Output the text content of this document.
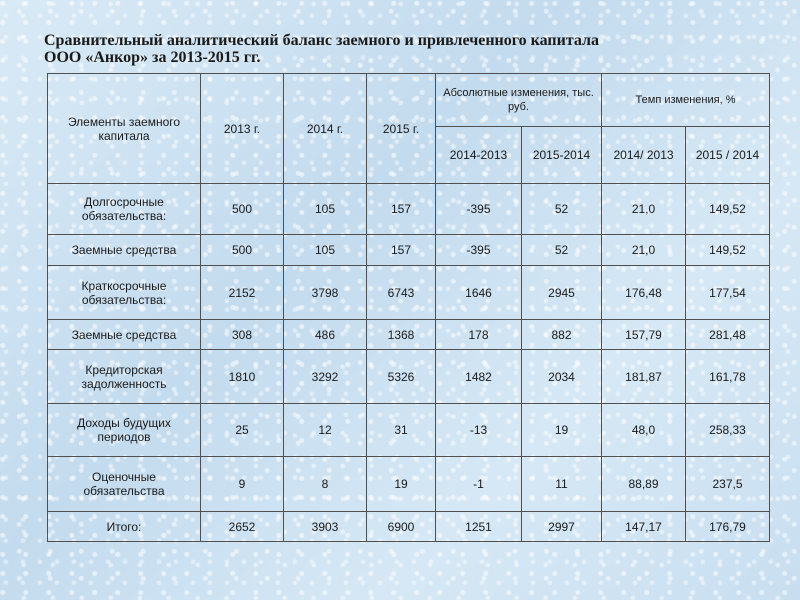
Сравнительный аналитический баланс заемного и привлеченного капитала
ООО «Анкор» за 2013-2015 гг.
Элементы заемного капитала	2013 г.	2014 г.	2015 г.	Абсолютные изменения, тыс. руб.		Темп изменения, %	
				2014-2013	2015-2014	2014/ 2013	2015 / 2014
Долгосрочные обязательства:	500	105	157	-395	52	21,0	149,52
Заемные средства	500	105	157	-395	52	21,0	149,52
Краткосрочные обязательства:	2152	3798	6743	1646	2945	176,48	177,54
Заемные средства	308	486	1368	178	882	157,79	281,48
Кредиторская задолженность	1810	3292	5326	1482	2034	181,87	161,78
Доходы будущих периодов	25	12	31	-13	19	48,0	258,33
Оценочные обязательства	9	8	19	-1	11	88,89	237,5
Итого:	2652	3903	6900	1251	2997	147,17	176,79
